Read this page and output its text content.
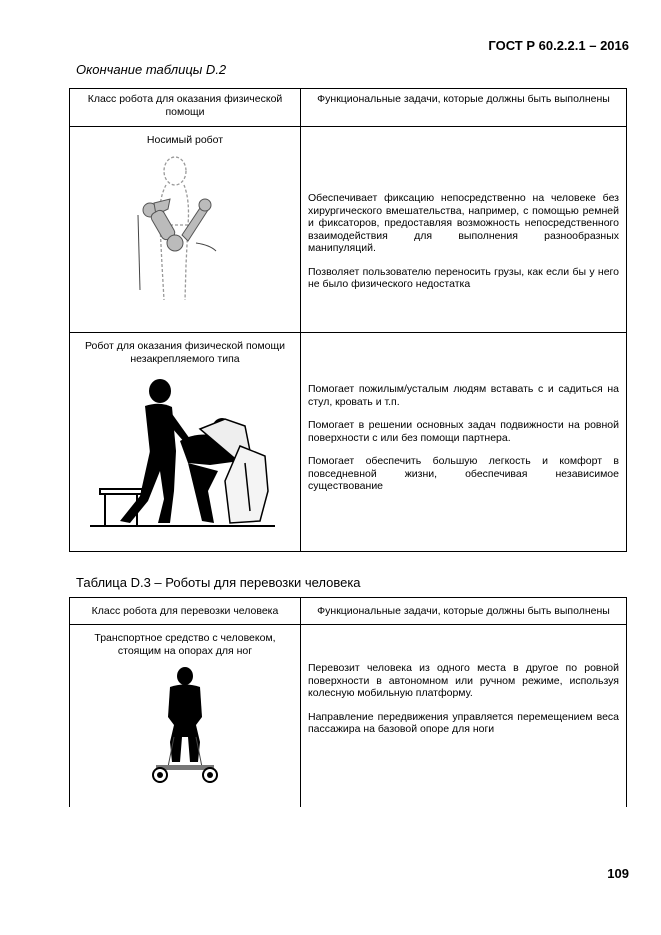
ГОСТ Р 60.2.2.1 – 2016
Окончание таблицы D.2
Класс робота для оказания физической помощи	Функциональные задачи, которые должны быть выполнены

Носимый робот	Обеспечивает фиксацию непосредственно на человеке без хирургического вмешательства, например, с помощью ремней и фиксаторов, предоставляя возможность непосредственного взаимодействия для выполнения разнообразных манипуляций.

Позволяет пользователю переносить грузы, как если бы у него не было физического недостатка

Робот для оказания физической помощи незакрепляемого типа	Помогает пожилым/усталым людям вставать с и садиться на стул, кровать и т.п.

Помогает в решении основных задач подвижности на ровной поверхности с или без помощи партнера.

Помогает обеспечить большую легкость и комфорт в повседневной жизни, обеспечивая независимое существование

Таблица D.3 – Роботы для перевозки человека
Класс робота для перевозки человека	Функциональные задачи, которые должны быть выполнены

Транспортное средство с человеком, стоящим на опорах для ног	Перевозит человека из одного места в другое по ровной поверхности в автономном или ручном режиме, используя колесную мобильную платформу.

Направление передвижения управляется перемещением веса пассажира на базовой опоре для ноги

109
